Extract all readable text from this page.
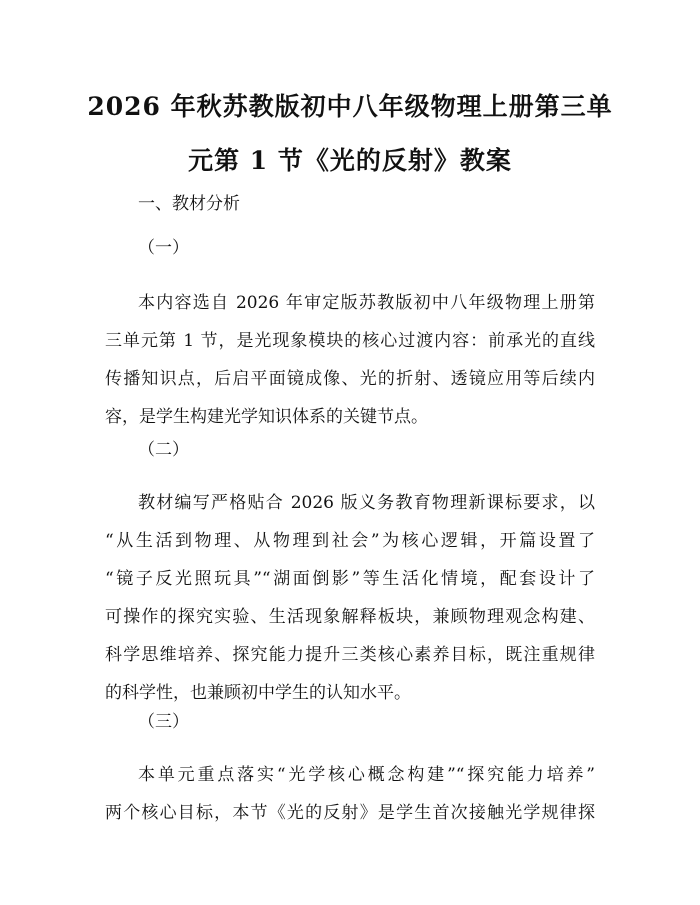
2026 年秋苏教版初中八年级物理上册第三单
元第 1 节《光的反射》教案

一、教材分析

（一）

本内容选自 2026 年审定版苏教版初中八年级物理上册第
三单元第 1 节，是光现象模块的核心过渡内容：前承光的直线
传播知识点，后启平面镜成像、光的折射、透镜应用等后续内
容，是学生构建光学知识体系的关键节点。

（二）

教材编写严格贴合 2026 版义务教育物理新课标要求，以
“从生活到物理、从物理到社会”为核心逻辑，开篇设置了
“镜子反光照玩具”“湖面倒影”等生活化情境，配套设计了
可操作的探究实验、生活现象解释板块，兼顾物理观念构建、
科学思维培养、探究能力提升三类核心素养目标，既注重规律
的科学性，也兼顾初中学生的认知水平。

（三）

本单元重点落实“光学核心概念构建”“探究能力培养”
两个核心目标，本节《光的反射》是学生首次接触光学规律探
